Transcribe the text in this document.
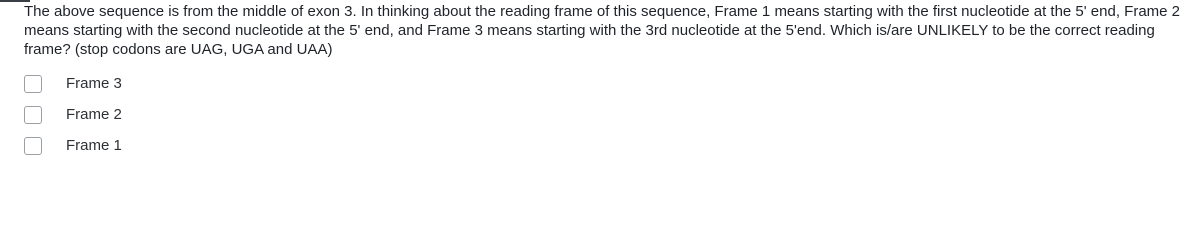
The above sequence is from the middle of exon 3. In thinking about the reading frame of this sequence, Frame 1 means starting with the first nucleotide at the 5' end, Frame 2 means starting with the second nucleotide at the 5' end, and Frame 3 means starting with the 3rd nucleotide at the 5'end. Which is/are UNLIKELY to be the correct reading frame? (stop codons are UAG, UGA and UAA)
Frame 3
Frame 2
Frame 1
